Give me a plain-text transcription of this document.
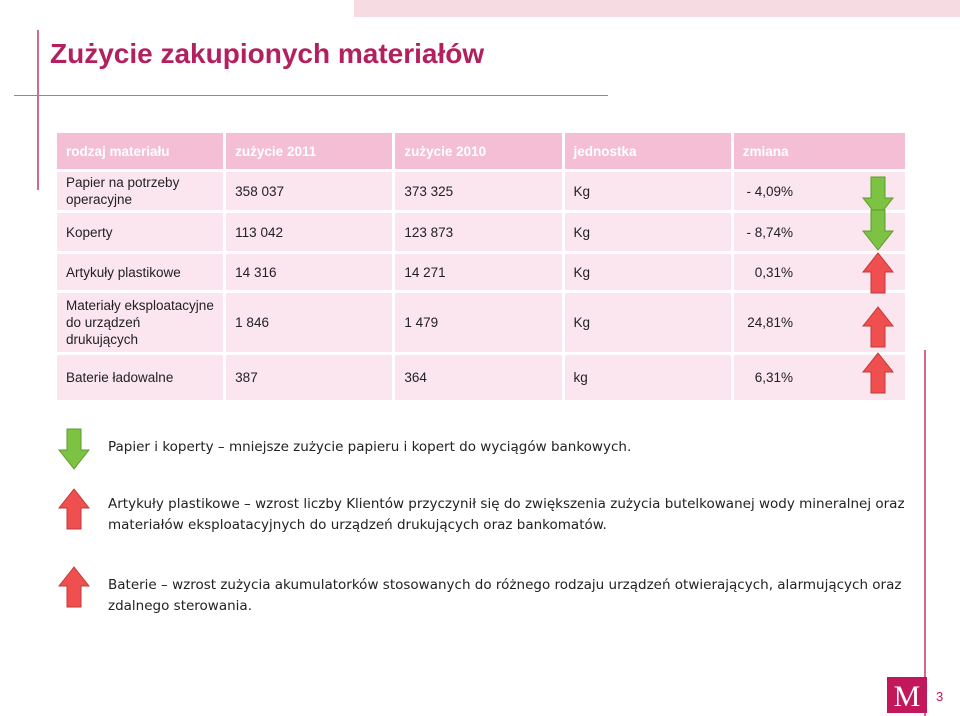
Zużycie zakupionych materiałów
rodzaj materiału	zużycie 2011	zużycie 2010	jednostka	zmiana
Papier na potrzeby operacyjne	358 037	373 325	Kg	- 4,09%
Koperty	113 042	123 873	Kg	- 8,74%
Artykuły plastikowe	14 316	14 271	Kg	0,31%
Materiały eksploatacyjne do urządzeń drukujących	1 846	1 479	Kg	24,81%
Baterie ładowalne	387	364	kg	6,31%

Papier i koperty – mniejsze zużycie papieru i kopert do wyciągów bankowych.

Artykuły plastikowe – wzrost liczby Klientów przyczynił się do zwiększenia zużycia butelkowanej wody mineralnej oraz materiałów eksploatacyjnych do urządzeń drukujących oraz bankomatów.

Baterie – wzrost zużycia akumulatorków stosowanych do różnego rodzaju urządzeń otwierających, alarmujących oraz zdalnego sterowania.

M 3
